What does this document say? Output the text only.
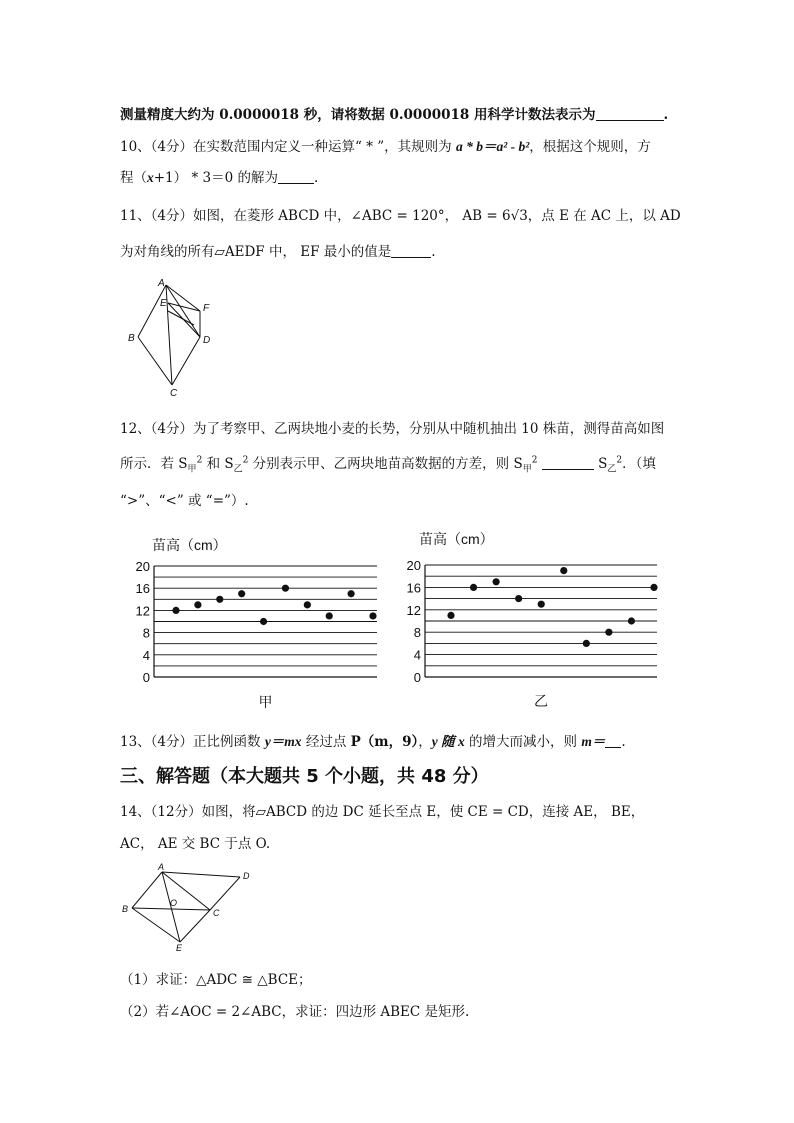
测量精度大约为 0.0000018 秒，请将数据 0.0000018 用科学计数法表示为	.
10、（4分）在实数范围内定义一种运算“ * ”，其规则为 a * b＝a² - b²，根据这个规则，方
程（x+1） * 3＝0 的解为	.
11、（4分）如图，在菱形 ABCD 中，∠ABC = 120°， AB = 6√3，点 E 在 AC 上，以 AD
为对角线的所有▱AEDF 中， EF 最小的值是	.
A
E	F
B	D
C
12、（4分）为了考察甲、乙两块地小麦的长势，分别从中随机抽出 10 株苗，测得苗高如图
所示．若 $S_甲^2$ 和 $S_乙^2$ 分别表示甲、乙两块地苗高数据的方差，则 $S_甲^2$	$S_乙^2$．（填
“>”、“<” 或 “=”）.
苗高（cm）
20
16
12
8
4
0
甲
苗高（cm）
20
16
12
8
4
0
乙
13、（4分）正比例函数 y＝mx 经过点 P（m，9），y 随 x 的增大而减小，则 m＝ .
三、解答题（本大题共 5 个小题，共 48 分）
14、（12分）如图，将▱ABCD 的边 DC 延长至点 E，使 CE = CD，连接 AE， BE，
AC， AE 交 BC 于点 O.
A
D
B
O
C
E
（1）求证：△ADC ≅ △BCE；
（2）若∠AOC = 2∠ABC，求证：四边形 ABEC 是矩形.
